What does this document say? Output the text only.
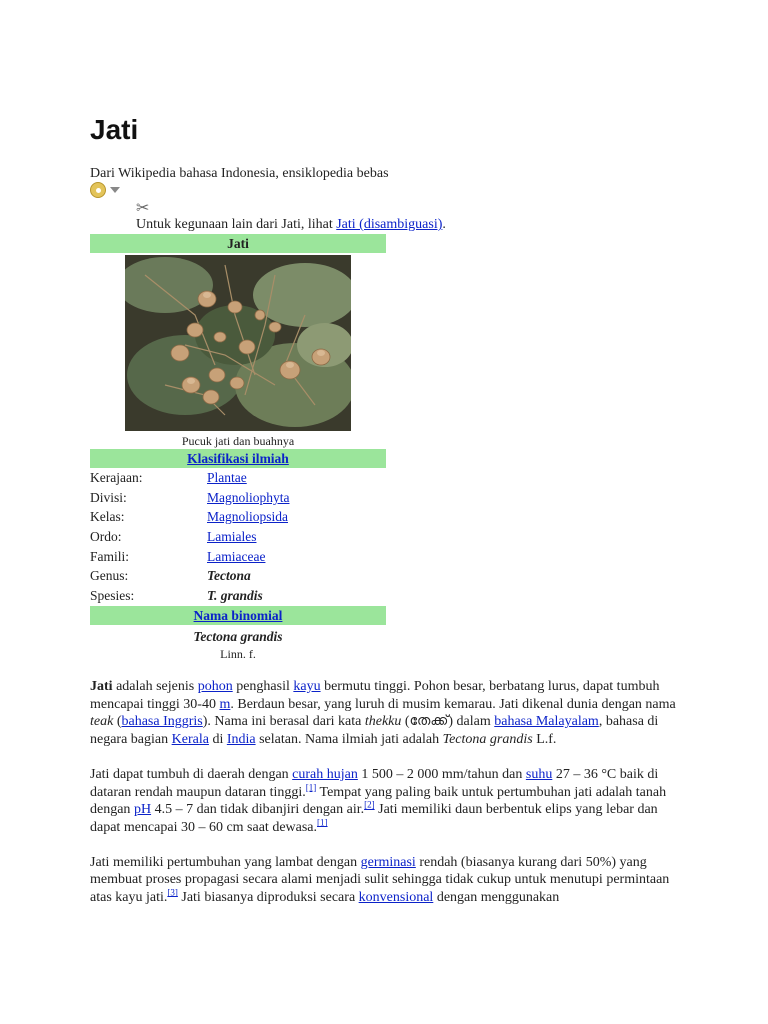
Jati
Dari Wikipedia bahasa Indonesia, ensiklopedia bebas
✂
Untuk kegunaan lain dari Jati, lihat Jati (disambiguasi).
Jati
Pucuk jati dan buahnya
Klasifikasi ilmiah
Kerajaan:	Plantae
Divisi:	Magnoliophyta
Kelas:	Magnoliopsida
Ordo:	Lamiales
Famili:	Lamiaceae
Genus:	Tectona
Spesies:	T. grandis
Nama binomial
Tectona grandis
Linn. f.

Jati adalah sejenis pohon penghasil kayu bermutu tinggi. Pohon besar, berbatang lurus, dapat tumbuh mencapai tinggi 30-40 m. Berdaun besar, yang luruh di musim kemarau. Jati dikenal dunia dengan nama teak (bahasa Inggris). Nama ini berasal dari kata thekku (തേക്ക്) dalam bahasa Malayalam, bahasa di negara bagian Kerala di India selatan. Nama ilmiah jati adalah Tectona grandis L.f.

Jati dapat tumbuh di daerah dengan curah hujan 1 500 – 2 000 mm/tahun dan suhu 27 – 36 °C baik di dataran rendah maupun dataran tinggi.[1] Tempat yang paling baik untuk pertumbuhan jati adalah tanah dengan pH 4.5 – 7 dan tidak dibanjiri dengan air.[2] Jati memiliki daun berbentuk elips yang lebar dan dapat mencapai 30 – 60 cm saat dewasa.[1]

Jati memiliki pertumbuhan yang lambat dengan germinasi rendah (biasanya kurang dari 50%) yang membuat proses propagasi secara alami menjadi sulit sehingga tidak cukup untuk menutupi permintaan atas kayu jati.[3] Jati biasanya diproduksi secara konvensional dengan menggunakan
